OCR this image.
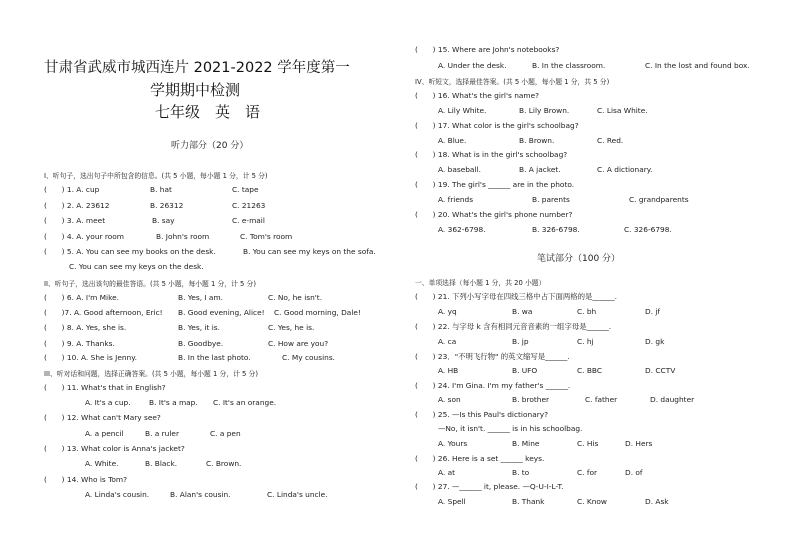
甘肃省武威市城西连片 2021-2022 学年度第一
学期期中检测
七年级　英　语
听力部分（20 分）
I、听句子，选出句子中所包含的信息。(共 5 小题，每小题 1 分，计 5 分)
(　　) 1. A. cup	B. hat	C. tape
(　　) 2. A. 23612	B. 26312	C. 21263
(　　) 3. A. meet	B. say	C. e-mail
(　　) 4. A. your room	B. John's room	C. Tom's room
(　　) 5. A. You can see my books on the desk.	B. You can see my keys on the sofa.
C. You can see my keys on the desk.
II、听句子，选出该句的最佳答语。(共 5 小题，每小题 1 分，计 5 分)
(　　) 6. A. I'm Mike.	B. Yes, I am.	C. No, he isn't.
(　　)7. A. Good afternoon, Eric! B. Good evening, Alice! C. Good morning, Dale!
(　　) 8. A. Yes, she is.	B. Yes, it is.	C. Yes, he is.
(　　) 9. A. Thanks.	B. Goodbye.	C. How are you?
(　　) 10. A. She is Jenny.	B. In the last photo.	C. My cousins.
III、听对话和问题，选择正确答案。(共 5 小题，每小题 1 分，计 5 分)
(　　) 11. What's that in English?
A. It's a cup. B. It's a map. C. It's an orange.
(　　) 12. What can't Mary see?
A. a pencil	B. a ruler	C. a pen
(　　) 13. What color is Anna's jacket?
A. White.	B. Black.	C. Brown.
(　　) 14. Who is Tom?
A. Linda's cousin.	B. Alan's cousin.	C. Linda's uncle.
(　　) 15. Where are John's notebooks?
A. Under the desk.	B. In the classroom.	C. In the lost and found box.
IV、听短文，选择最佳答案。(共 5 小题，每小题 1 分，共 5 分)
(　　) 16. What's the girl's name?
A. Lily White.	B. Lily Brown.	C. Lisa White.
(　　) 17. What color is the girl's schoolbag?
A. Blue.	B. Brown.	C. Red.
(　　) 18. What is in the girl's schoolbag?
A. baseball.	B. A jacket.	C. A dictionary.
(　　) 19. The girl's ______ are in the photo.
A. friends	B. parents	C. grandparents
(　　) 20. What's the girl's phone number?
A. 362-6798.	B. 326-6798.	C. 326-6798.
笔试部分（100 分）
一、单项选择（每小题 1 分，共 20 小题）
(　　) 21. 下列小写字母在四线三格中占下面两格的是______.
A. yq	B. wa	C. bh	D. jf
(　　) 22. 与字母 k 含有相同元音音素的一组字母是______.
A. ca	B. jp	C. hj	D. gk
(　　) 23．"不明飞行物" 的英文缩写是______.
A. HB	B. UFO	C. BBC	D. CCTV
(　　) 24. I'm Gina. I'm my father's ______.
A. son	B. brother	C. father	D. daughter
(　　) 25. —Is this Paul's dictionary?
—No, it isn't. ______ is in his schoolbag.
A. Yours	B. Mine	C. His	D. Hers
(　　) 26. Here is a set ______ keys.
A. at	B. to	C. for	D. of
(　　) 27. —______ it, please. —Q-U-I-L-T.
A. Spell	B. Thank	C. Know	D. Ask
